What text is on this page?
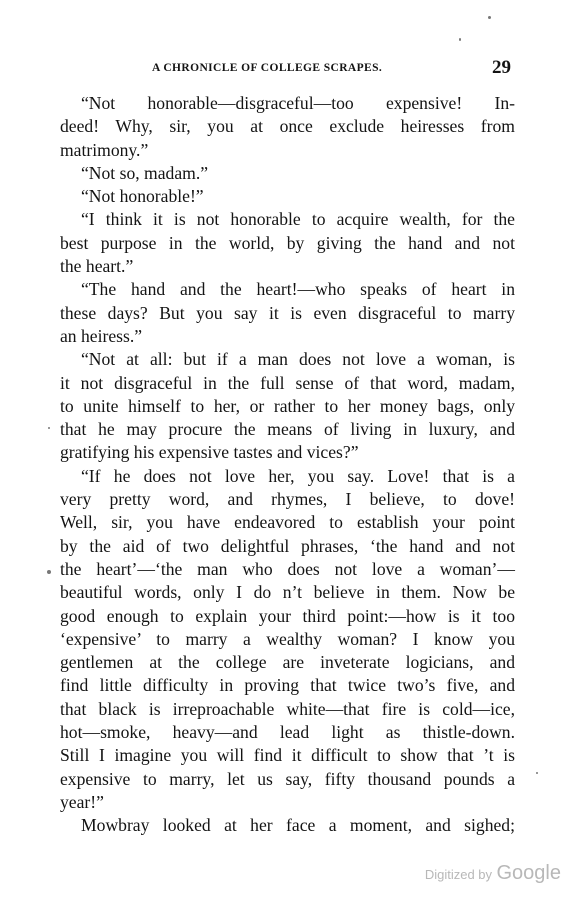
A CHRONICLE OF COLLEGE SCRAPES.	29
“Not honorable—disgraceful—too expensive! In-
deed! Why, sir, you at once exclude heiresses from
matrimony.”
“Not so, madam.”
“Not honorable!”
“I think it is not honorable to acquire wealth, for the
best purpose in the world, by giving the hand and not
the heart.”
“The hand and the heart!—who speaks of heart in
these days? But you say it is even disgraceful to marry
an heiress.”
“Not at all: but if a man does not love a woman, is
it not disgraceful in the full sense of that word, madam,
to unite himself to her, or rather to her money bags, only
that he may procure the means of living in luxury, and
gratifying his expensive tastes and vices?”
“If he does not love her, you say. Love! that is a
very pretty word, and rhymes, I believe, to dove!
Well, sir, you have endeavored to establish your point
by the aid of two delightful phrases, ‘the hand and not
the heart’—‘the man who does not love a woman’—
beautiful words, only I do n’t believe in them. Now be
good enough to explain your third point:—how is it too
‘expensive’ to marry a wealthy woman? I know you
gentlemen at the college are inveterate logicians, and
find little difficulty in proving that twice two’s five, and
that black is irreproachable white—that fire is cold—ice,
hot—smoke, heavy—and lead light as thistle-down.
Still I imagine you will find it difficult to show that ’t is
expensive to marry, let us say, fifty thousand pounds a
year!”
Mowbray looked at her face a moment, and sighed;
Digitized by Google
